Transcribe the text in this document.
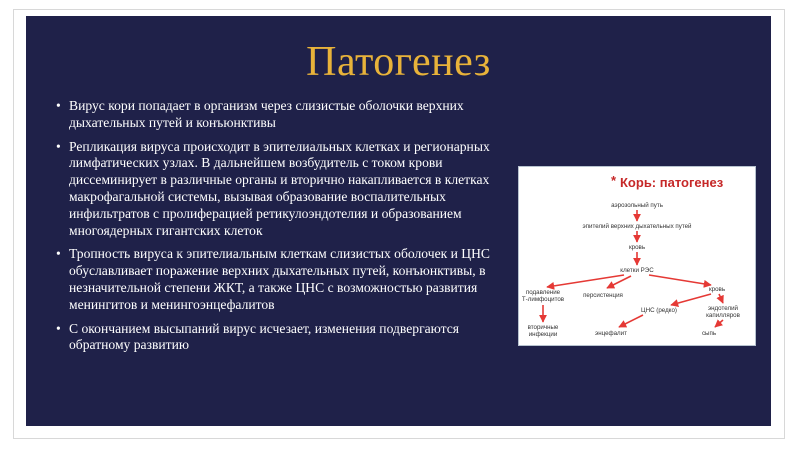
Патогенез
• Вирус кори попадает в организм через слизистые оболочки верхних дыхательных путей и конъюнктивы
• Репликация вируса происходит в эпителиальных клетках и регионарных лимфатических узлах. В дальнейшем возбудитель с током крови диссеминирует в различные органы и вторично накапливается в клетках макрофагальной системы, вызывая образование воспалительных инфильтратов с пролиферацией ретикулоэндотелия и образованием многоядерных гигантских клеток
• Тропность вируса к эпителиальным клеткам слизистых оболочек и ЦНС обуславливает поражение верхних дыхательных путей, конъюнктивы, в незначительной степени ЖКТ, а также ЦНС с возможностью развития менингитов и менингоэнцефалитов
• С окончанием высыпаний вирус исчезает, изменения подвергаются обратному развитию
* Корь: патогенез
аэрозольный путь
эпителий верхних дыхательных путей
кровь
клетки РЭС
подавление
Т-лимфоцитов
персистенция
кровь
вторичные
инфекции
ЦНС (редко)	эндотелий
капилляров
энцефалит	сыпь
